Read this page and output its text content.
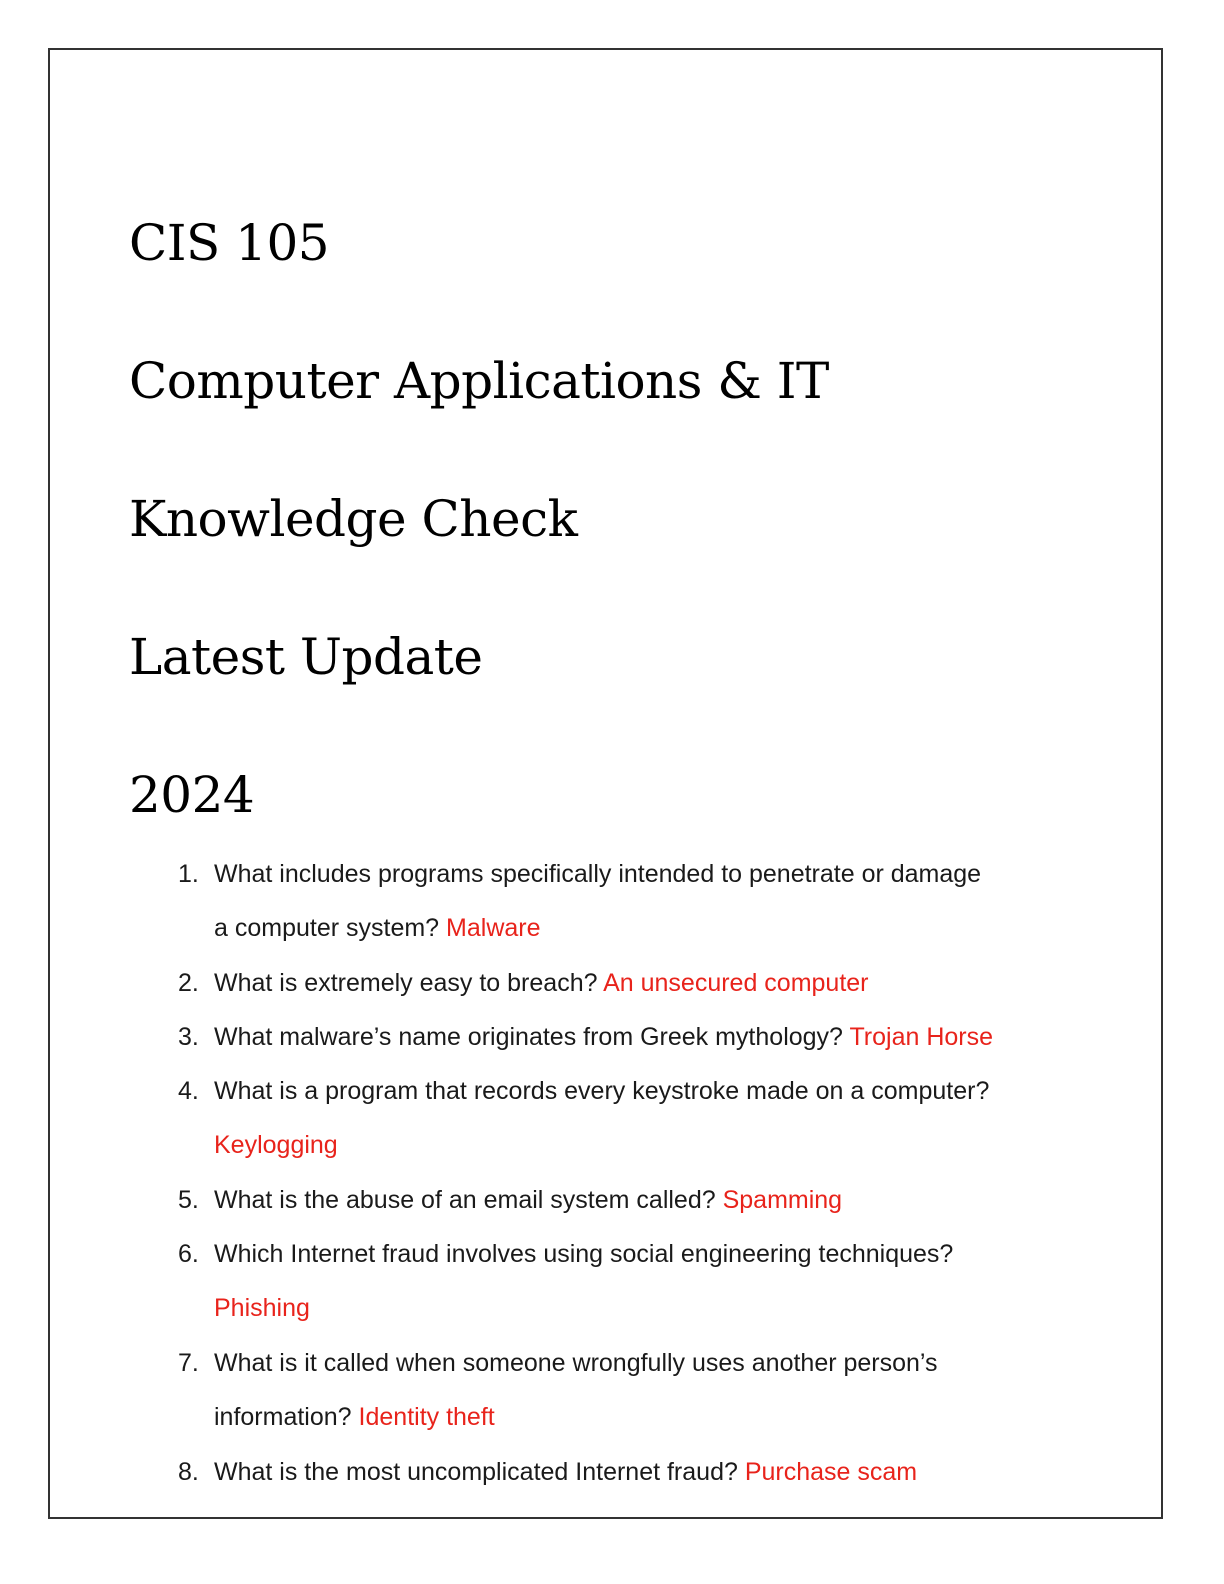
CIS 105
Computer Applications & IT
Knowledge Check
Latest Update
2024
1. What includes programs specifically intended to penetrate or damage
a computer system? Malware
2. What is extremely easy to breach? An unsecured computer
3. What malware’s name originates from Greek mythology? Trojan Horse
4. What is a program that records every keystroke made on a computer?
Keylogging
5. What is the abuse of an email system called? Spamming
6. Which Internet fraud involves using social engineering techniques?
Phishing
7. What is it called when someone wrongfully uses another person’s
information? Identity theft
8. What is the most uncomplicated Internet fraud? Purchase scam
